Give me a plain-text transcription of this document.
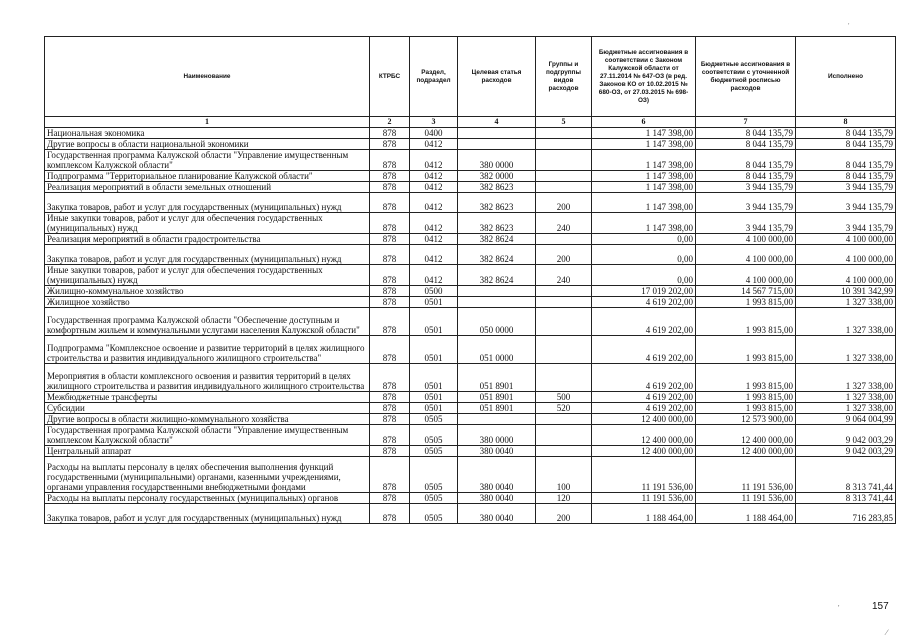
′
Наименование	КТРБС	Раздел, подраздел	Целевая статья расходов	Группы и подгруппы видов расходов	Бюджетные ассигнования в соответствии с Законом Калужской области от 27.11.2014 № 647-ОЗ (в ред. Законов КО от 10.02.2015 № 680-ОЗ, от 27.03.2015 № 698-ОЗ)	Бюджетные ассигнования в соответствии с уточненной бюджетной росписью расходов	Исполнено
1	2	3	4	5	6	7	8
Национальная экономика	878	0400			1 147 398,00	8 044 135,79	8 044 135,79
Другие вопросы в области национальной экономики	878	0412			1 147 398,00	8 044 135,79	8 044 135,79
Государственная программа Калужской области "Управление имущественным комплексом Калужской области"	878	0412	380 0000		1 147 398,00	8 044 135,79	8 044 135,79
Подпрограмма "Территориальное планирование Калужской области"	878	0412	382 0000		1 147 398,00	8 044 135,79	8 044 135,79
Реализация мероприятий в области земельных отношений	878	0412	382 8623		1 147 398,00	3 944 135,79	3 944 135,79
Закупка товаров, работ и услуг для государственных (муниципальных) нужд	878	0412	382 8623	200	1 147 398,00	3 944 135,79	3 944 135,79
Иные закупки товаров, работ и услуг для обеспечения государственных (муниципальных) нужд	878	0412	382 8623	240	1 147 398,00	3 944 135,79	3 944 135,79
Реализация мероприятий в области градостроительства	878	0412	382 8624		0,00	4 100 000,00	4 100 000,00
Закупка товаров, работ и услуг для государственных (муниципальных) нужд	878	0412	382 8624	200	0,00	4 100 000,00	4 100 000,00
Иные закупки товаров, работ и услуг для обеспечения государственных (муниципальных) нужд	878	0412	382 8624	240	0,00	4 100 000,00	4 100 000,00
Жилищно-коммунальное хозяйство	878	0500			17 019 202,00	14 567 715,00	10 391 342,99
Жилищное хозяйство	878	0501			4 619 202,00	1 993 815,00	1 327 338,00
Государственная программа Калужской области "Обеспечение доступным и комфортным жильем и коммунальными услугами населения Калужской области"	878	0501	050 0000		4 619 202,00	1 993 815,00	1 327 338,00
Подпрограмма "Комплексное освоение и развитие территорий в целях жилищного строительства и развития индивидуального жилищного строительства"	878	0501	051 0000		4 619 202,00	1 993 815,00	1 327 338,00
Мероприятия в области комплексного освоения и развития территорий в целях жилищного строительства и развития индивидуального жилищного строительства	878	0501	051 8901		4 619 202,00	1 993 815,00	1 327 338,00
Межбюджетные трансферты	878	0501	051 8901	500	4 619 202,00	1 993 815,00	1 327 338,00
Субсидии	878	0501	051 8901	520	4 619 202,00	1 993 815,00	1 327 338,00
Другие вопросы в области жилищно-коммунального хозяйства	878	0505			12 400 000,00	12 573 900,00	9 064 004,99
Государственная программа Калужской области "Управление имущественным комплексом Калужской области"	878	0505	380 0000		12 400 000,00	12 400 000,00	9 042 003,29
Центральный аппарат	878	0505	380 0040		12 400 000,00	12 400 000,00	9 042 003,29
Расходы на выплаты персоналу в целях обеспечения выполнения функций государственными (муниципальными) органами, казенными учреждениями, органами управления государственными внебюджетными фондами	878	0505	380 0040	100	11 191 536,00	11 191 536,00	8 313 741,44
Расходы на выплаты персоналу государственных (муниципальных) органов	878	0505	380 0040	120	11 191 536,00	11 191 536,00	8 313 741,44
Закупка товаров, работ и услуг для государственных (муниципальных) нужд	878	0505	380 0040	200	1 188 464,00	1 188 464,00	716 283,85
′	157
⁄
